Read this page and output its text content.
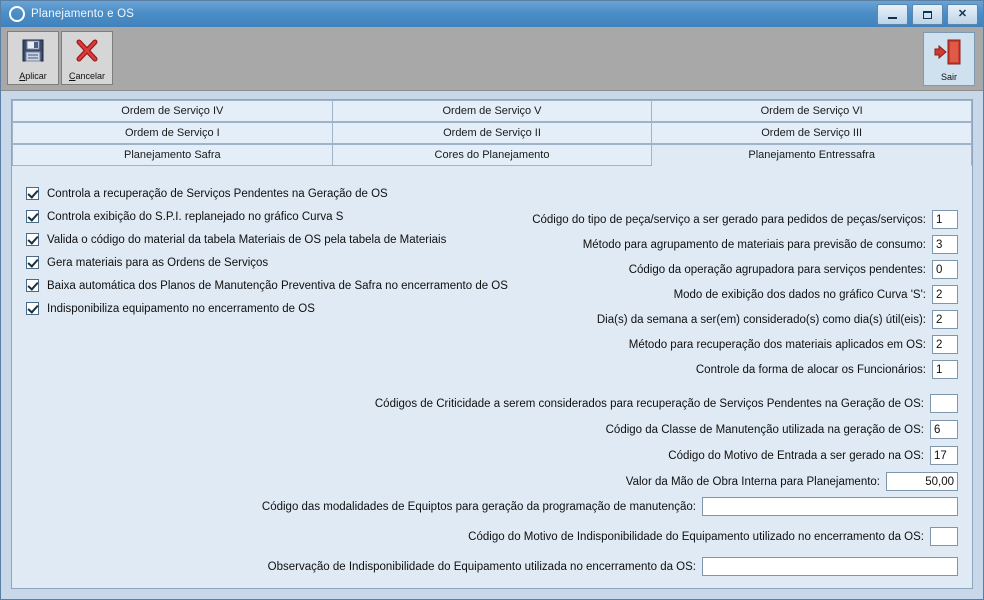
Planejamento e OS	✕
Aplicar Cancelar	Sair
Ordem de Serviço IV	Ordem de Serviço V	Ordem de Serviço VI
Ordem de Serviço I	Ordem de Serviço II	Ordem de Serviço III
Planejamento Safra	Cores do Planejamento	Planejamento Entressafra
Controla a recuperação de Serviços Pendentes na Geração de OS
Controla exibição do S.P.I. replanejado no gráfico Curva S
Valida o código do material da tabela Materiais de OS pela tabela de Materiais
Gera materiais para as Ordens de Serviços
Baixa automática dos Planos de Manutenção Preventiva de Safra no encerramento de OS
Indisponibiliza equipamento no encerramento de OS
Código do tipo de peça/serviço a ser gerado para pedidos de peças/serviços:
1
Método para agrupamento de materiais para previsão de consumo:
3
Código da operação agrupadora para serviços pendentes:
0
Modo de exibição dos dados no gráfico Curva 'S':
2
Dia(s) da semana a ser(em) considerado(s) como dia(s) útil(eis):
2
Método para recuperação dos materiais aplicados em OS:
2
Controle da forma de alocar os Funcionários:
1
Códigos de Criticidade a serem considerados para recuperação de Serviços Pendentes na Geração de OS:
Código da Classe de Manutenção utilizada na geração de OS:
6
Código do Motivo de Entrada a ser gerado na OS:
17
Valor da Mão de Obra Interna para Planejamento:
50,00
Código das modalidades de Equiptos para geração da programação de manutenção:
Código do Motivo de Indisponibilidade do Equipamento utilizado no encerramento da OS:
Observação de Indisponibilidade do Equipamento utilizada no encerramento da OS:
